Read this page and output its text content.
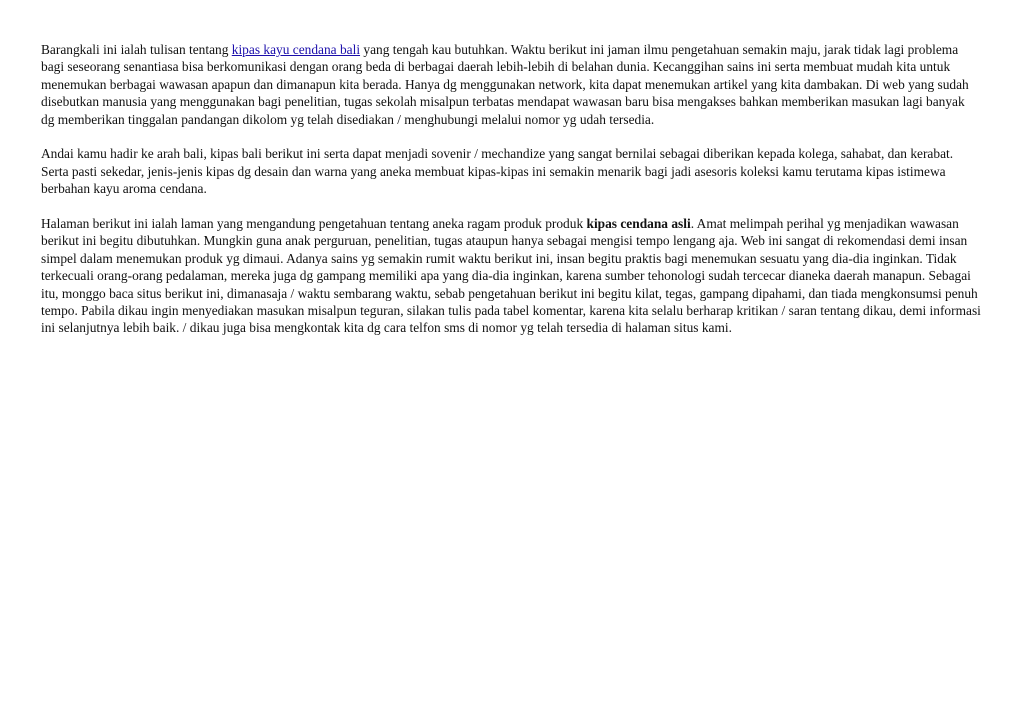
Barangkali ini ialah tulisan tentang kipas kayu cendana bali yang tengah kau butuhkan. Waktu berikut ini jaman ilmu pengetahuan semakin maju, jarak tidak lagi problema bagi seseorang senantiasa bisa berkomunikasi dengan orang beda di berbagai daerah lebih-lebih di belahan dunia. Kecanggihan sains ini serta membuat mudah kita untuk menemukan berbagai wawasan apapun dan dimanapun kita berada. Hanya dg menggunakan network, kita dapat menemukan artikel yang kita dambakan. Di web yang sudah disebutkan manusia yang menggunakan bagi penelitian, tugas sekolah misalpun terbatas mendapat wawasan baru bisa mengakses bahkan memberikan masukan lagi banyak dg memberikan tinggalan pandangan dikolom yg telah disediakan / menghubungi melalui nomor yg udah tersedia.

Andai kamu hadir ke arah bali, kipas bali berikut ini serta dapat menjadi sovenir / mechandize yang sangat bernilai sebagai diberikan kepada kolega, sahabat, dan kerabat. Serta pasti sekedar, jenis-jenis kipas dg desain dan warna yang aneka membuat kipas-kipas ini semakin menarik bagi jadi asesoris koleksi kamu terutama kipas istimewa berbahan kayu aroma cendana.

Halaman berikut ini ialah laman yang mengandung pengetahuan tentang aneka ragam produk produk kipas cendana asli. Amat melimpah perihal yg menjadikan wawasan berikut ini begitu dibutuhkan. Mungkin guna anak perguruan, penelitian, tugas ataupun hanya sebagai mengisi tempo lengang aja. Web ini sangat di rekomendasi demi insan simpel dalam menemukan produk yg dimaui. Adanya sains yg semakin rumit waktu berikut ini, insan begitu praktis bagi menemukan sesuatu yang dia-dia inginkan. Tidak terkecuali orang-orang pedalaman, mereka juga dg gampang memiliki apa yang dia-dia inginkan, karena sumber tehonologi sudah tercecar dianeka daerah manapun. Sebagai itu, monggo baca situs berikut ini, dimanasaja / waktu sembarang waktu, sebab pengetahuan berikut ini begitu kilat, tegas, gampang dipahami, dan tiada mengkonsumsi penuh tempo. Pabila dikau ingin menyediakan masukan misalpun teguran, silakan tulis pada tabel komentar, karena kita selalu berharap kritikan / saran tentang dikau, demi informasi ini selanjutnya lebih baik. / dikau juga bisa mengkontak kita dg cara telfon sms di nomor yg telah tersedia di halaman situs kami.
